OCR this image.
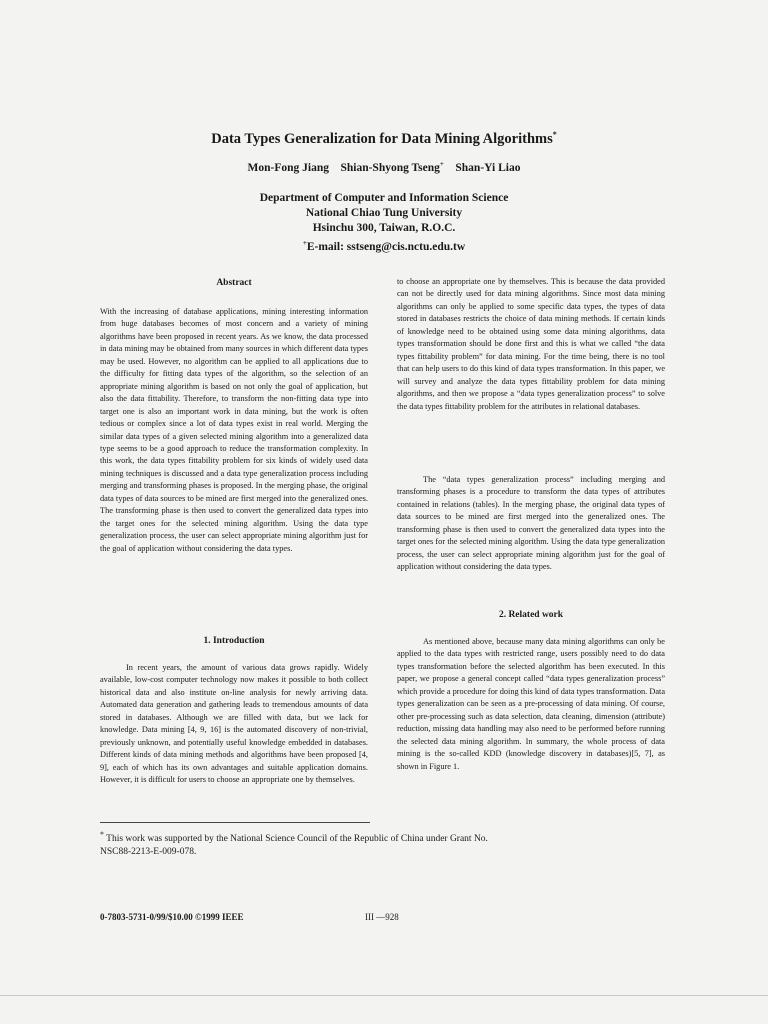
Data Types Generalization for Data Mining Algorithms*
Mon-Fong Jiang Shian-Shyong Tseng+ Shan-Yi Liao
Department of Computer and Information Science
National Chiao Tung University
Hsinchu 300, Taiwan, R.O.C.
+E-mail: sstseng@cis.nctu.edu.tw
Abstract

With the increasing of database applications, mining interesting information from huge databases becomes of most concern and a variety of mining algorithms have been proposed in recent years. As we know, the data processed in data mining may be obtained from many sources in which different data types may be used. However, no algorithm can be applied to all applications due to the difficulty for fitting data types of the algorithm, so the selection of an appropriate mining algorithm is based on not only the goal of application, but also the data fittability. Therefore, to transform the non-fitting data type into target one is also an important work in data mining, but the work is often tedious or complex since a lot of data types exist in real world. Merging the similar data types of a given selected mining algorithm into a generalized data type seems to be a good approach to reduce the transformation complexity. In this work, the data types fittability problem for six kinds of widely used data mining techniques is discussed and a data type generalization process including merging and transforming phases is proposed. In the merging phase, the original data types of data sources to be mined are first merged into the generalized ones. The transforming phase is then used to convert the generalized data types into the target ones for the selected mining algorithm. Using the data type generalization process, the user can select appropriate mining algorithm just for the goal of application without considering the data types.

1. Introduction

In recent years, the amount of various data grows rapidly. Widely available, low-cost computer technology now makes it possible to both collect historical data and also institute on-line analysis for newly arriving data. Automated data generation and gathering leads to tremendous amounts of data stored in databases. Although we are filled with data, but we lack for knowledge. Data mining [4, 9, 16] is the automated discovery of non-trivial, previously unknown, and potentially useful knowledge embedded in databases. Different kinds of data mining methods and algorithms have been proposed [4, 9], each of which has its own advantages and suitable application domains. However, it is difficult for users to choose an appropriate one by themselves.

to choose an appropriate one by themselves. This is because the data provided can not be directly used for data mining algorithms. Since most data mining algorithms can only be applied to some specific data types, the types of data stored in databases restricts the choice of data mining methods. If certain kinds of knowledge need to be obtained using some data mining algorithms, data types transformation should be done first and this is what we called “the data types fittability problem” for data mining. For the time being, there is no tool that can help users to do this kind of data types transformation. In this paper, we will survey and analyze the data types fittability problem for data mining algorithms, and then we propose a “data types generalization process” to solve the data types fittability problem for the attributes in relational databases.

The “data types generalization process” including merging and transforming phases is a procedure to transform the data types of attributes contained in relations (tables). In the merging phase, the original data types of data sources to be mined are first merged into the generalized ones. The transforming phase is then used to convert the generalized data types into the target ones for the selected mining algorithm. Using the data type generalization process, the user can select appropriate mining algorithm just for the goal of application without considering the data types.

2. Related work

As mentioned above, because many data mining algorithms can only be applied to the data types with restricted range, users possibly need to do data types transformation before the selected algorithm has been executed. In this paper, we propose a general concept called “data types generalization process” which provide a procedure for doing this kind of data types transformation. Data types generalization can be seen as a pre-processing of data mining. Of course, other pre-processing such as data selection, data cleaning, dimension (attribute) reduction, missing data handling may also need to be performed before running the selected data mining algorithm. In summary, the whole process of data mining is the so-called KDD (knowledge discovery in databases)[5, 7], as shown in Figure 1.

* This work was supported by the National Science Council of the Republic of China under Grant No.
NSC88-2213-E-009-078.
0-7803-5731-0/99/$10.00 ©1999 IEEE	III —928
